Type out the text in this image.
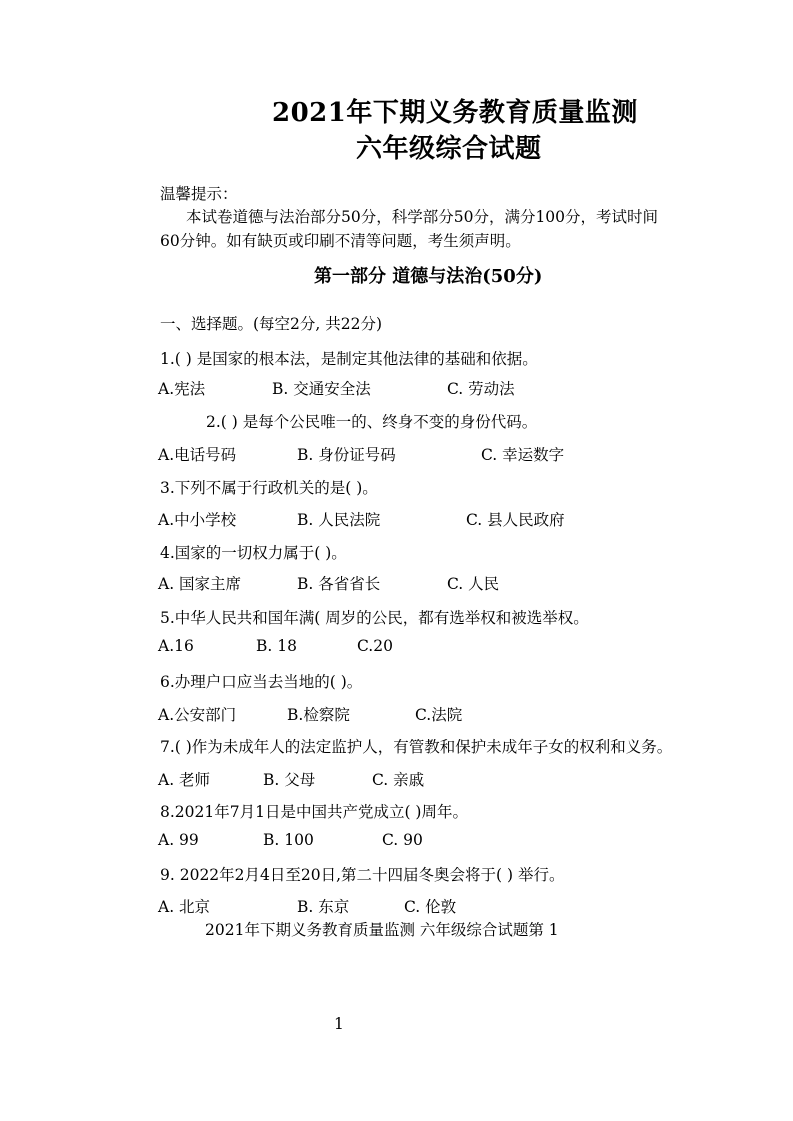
2021年下期义务教育质量监测
六年级综合试题
温馨提示：
本试卷道德与法治部分50分，科学部分50分，满分100分，考试时间
60分钟。如有缺页或印刷不清等问题，考生须声明。
第一部分 道德与法治(50分)
一、选择题。(每空2分, 共22分)
1.( ) 是国家的根本法，是制定其他法律的基础和依据。
A.宪法	B. 交通安全法	C. 劳动法
2.( ) 是每个公民唯一的、终身不变的身份代码。
A.电话号码	B. 身份证号码	C. 幸运数字
3.下列不属于行政机关的是( )。
A.中小学校	B. 人民法院	C. 县人民政府
4.国家的一切权力属于( )。
A. 国家主席	B. 各省省长	C. 人民
5.中华人民共和国年满( 周岁的公民，都有选举权和被选举权。
A.16	B. 18	C.20
6.办理户口应当去当地的( )。
A.公安部门	B.检察院	C.法院
7.( )作为未成年人的法定监护人，有管教和保护未成年子女的权利和义务。
A. 老师	B. 父母	C. 亲戚
8.2021年7月1日是中国共产党成立( )周年。
A. 99	B. 100	C. 90
9. 2022年2月4日至20日,第二十四届冬奥会将于( ) 举行。
A. 北京	B. 东京	C. 伦敦
2021年下期义务教育质量监测 六年级综合试题第 1
1
